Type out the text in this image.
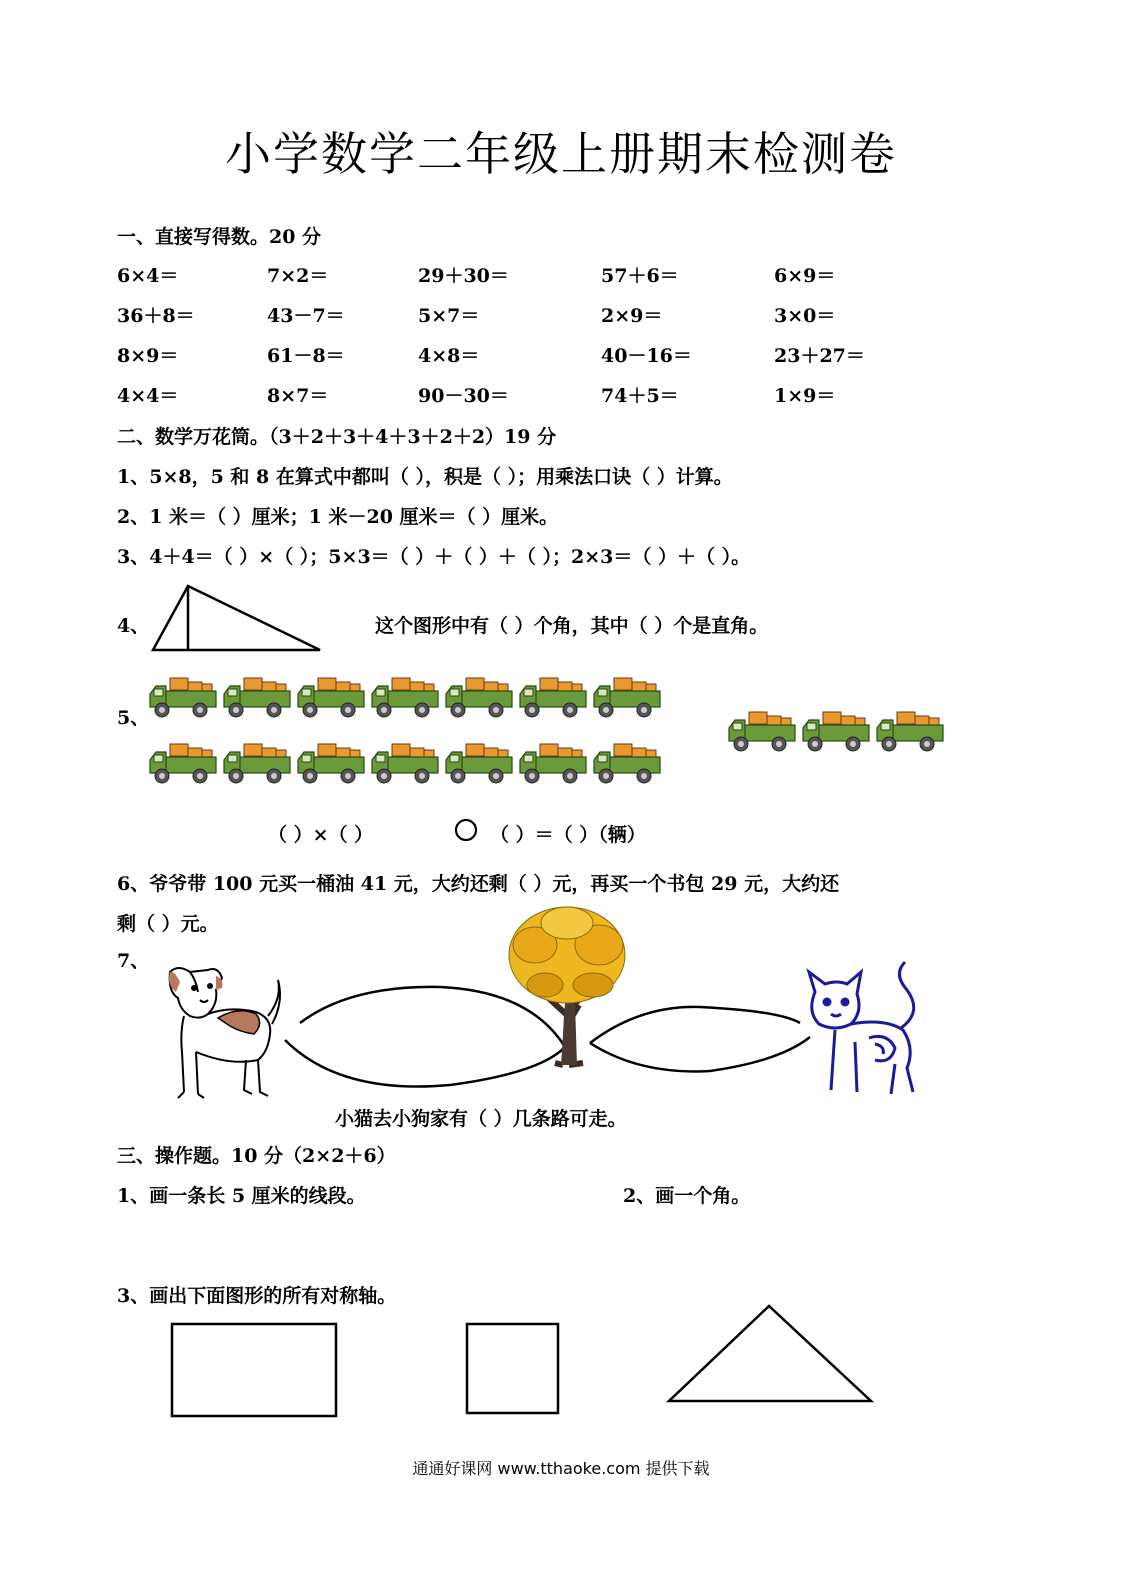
小学数学二年级上册期末检测卷
一、直接写得数。20 分
6×4＝	7×2＝	29＋30＝	57＋6＝	6×9＝
36＋8＝	43－7＝	5×7＝	2×9＝	3×0＝
8×9＝	61－8＝	4×8＝	40－16＝	23＋27＝
4×4＝	8×7＝	90－30＝	74＋5＝	1×9＝
二、数学万花筒。（3＋2＋3＋4＋3＋2＋2）19 分
1、5×8，5 和 8 在算式中都叫（ ），积是（ ）；用乘法口诀（ ）计算。
2、1 米＝（ ）厘米；1 米－20 厘米＝（ ）厘米。
3、4＋4＝（ ）×（ ）；5×3＝（ ）＋（ ）＋（ ）；2×3＝（ ）＋（ ）。
4、	这个图形中有（ ）个角，其中（ ）个是直角。
5、
（ ）×（ ）	（ ）＝（ ）（辆）
6、爷爷带 100 元买一桶油 41 元，大约还剩（ ）元，再买一个书包 29 元，大约还
剩（ ）元。
7、
小猫去小狗家有（ ）几条路可走。
三、操作题。10 分（2×2＋6）
1、画一条长 5 厘米的线段。	2、画一个角。
3、画出下面图形的所有对称轴。
通通好课网 www.tthaoke.com 提供下载
